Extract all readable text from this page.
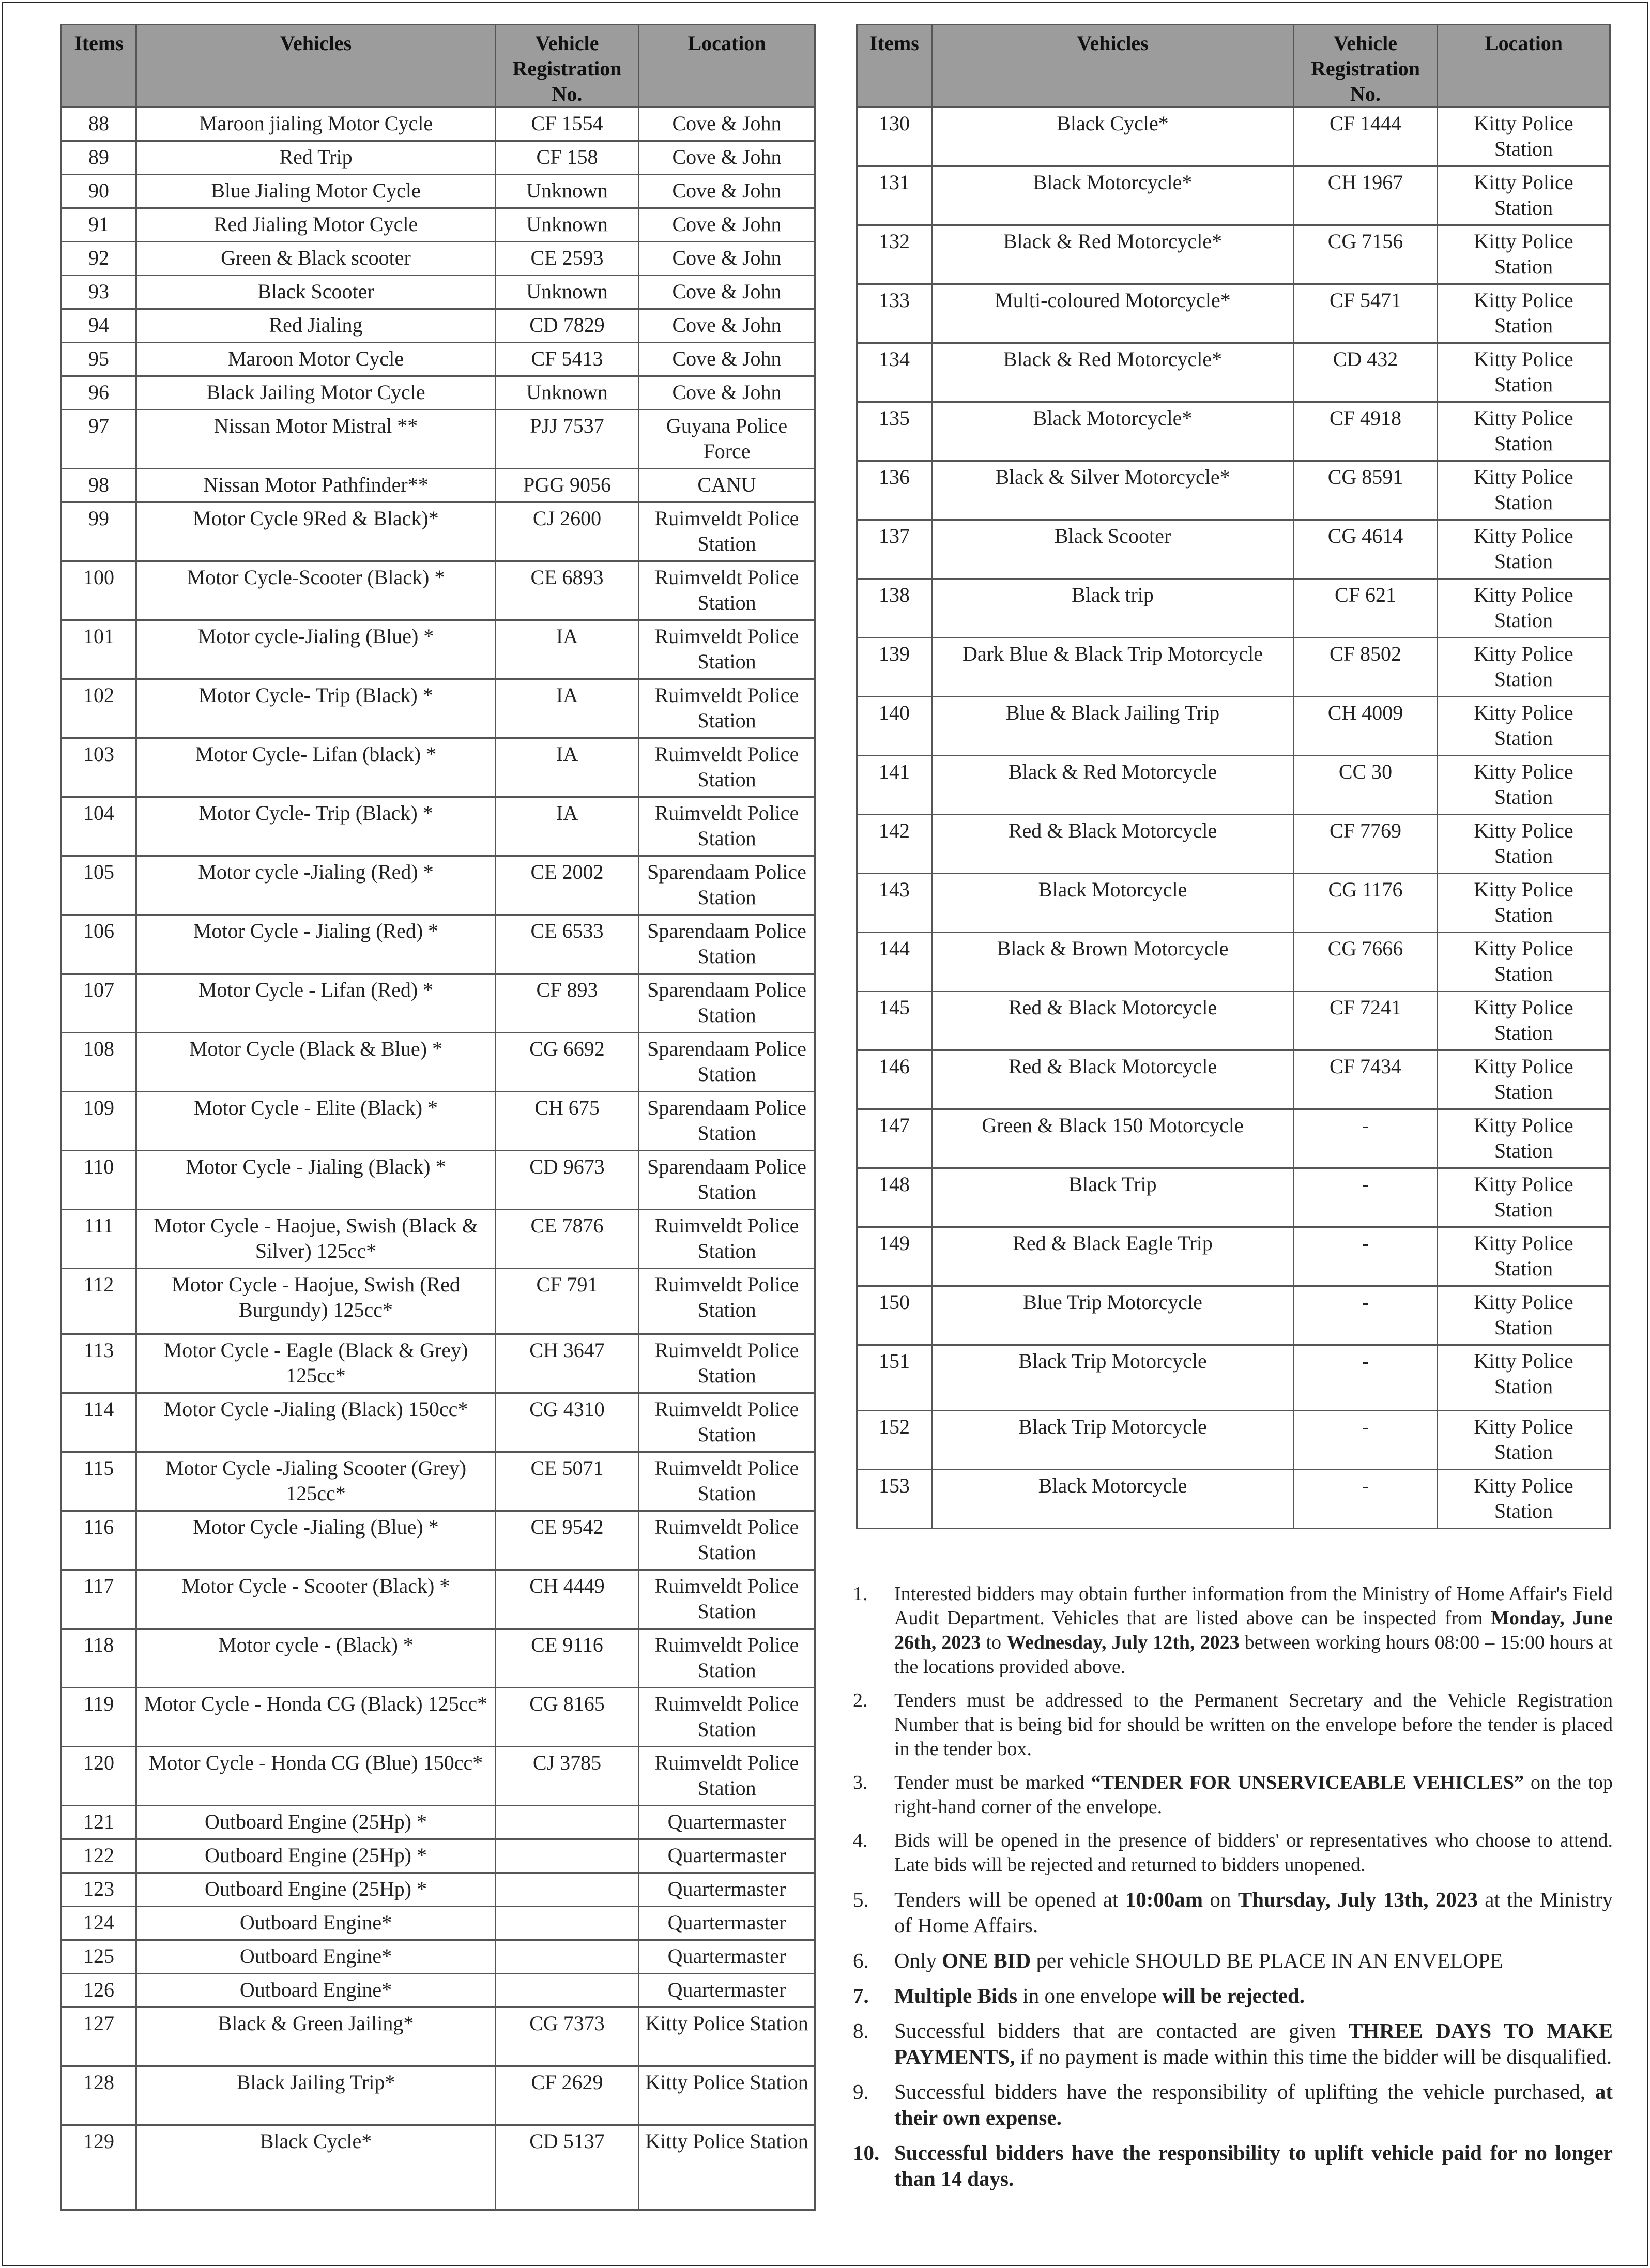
Items	Vehicles	Vehicle Registration No.	Location
88	Maroon jialing Motor Cycle	CF 1554	Cove & John
89	Red Trip	CF 158	Cove & John
90	Blue Jialing Motor Cycle	Unknown	Cove & John
91	Red Jialing Motor Cycle	Unknown	Cove & John
92	Green & Black scooter	CE 2593	Cove & John
93	Black Scooter	Unknown	Cove & John
94	Red Jialing	CD 7829	Cove & John
95	Maroon Motor Cycle	CF 5413	Cove & John
96	Black Jailing Motor Cycle	Unknown	Cove & John
97	Nissan Motor Mistral **	PJJ 7537	Guyana Police Force
98	Nissan Motor Pathfinder**	PGG 9056	CANU
99	Motor Cycle 9Red & Black)*	CJ 2600	Ruimveldt Police Station
100	Motor Cycle-Scooter (Black) *	CE 6893	Ruimveldt Police Station
101	Motor cycle-Jialing (Blue) *	IA	Ruimveldt Police Station
102	Motor Cycle- Trip (Black) *	IA	Ruimveldt Police Station
103	Motor Cycle- Lifan (black) *	IA	Ruimveldt Police Station
104	Motor Cycle- Trip (Black) *	IA	Ruimveldt Police Station
105	Motor cycle -Jialing (Red) *	CE 2002	Sparendaam Police Station
106	Motor Cycle - Jialing (Red) *	CE 6533	Sparendaam Police Station
107	Motor Cycle - Lifan (Red) *	CF 893	Sparendaam Police Station
108	Motor Cycle (Black & Blue) *	CG 6692	Sparendaam Police Station
109	Motor Cycle - Elite (Black) *	CH 675	Sparendaam Police Station
110	Motor Cycle - Jialing (Black) *	CD 9673	Sparendaam Police Station
111	Motor Cycle - Haojue, Swish (Black & Silver) 125cc*	CE 7876	Ruimveldt Police Station
112	Motor Cycle - Haojue, Swish (Red Burgundy) 125cc*	CF 791	Ruimveldt Police Station
113	Motor Cycle - Eagle (Black & Grey) 125cc*	CH 3647	Ruimveldt Police Station
114	Motor Cycle -Jialing (Black) 150cc*	CG 4310	Ruimveldt Police Station
115	Motor Cycle -Jialing Scooter (Grey) 125cc*	CE 5071	Ruimveldt Police Station
116	Motor Cycle -Jialing (Blue) *	CE 9542	Ruimveldt Police Station
117	Motor Cycle - Scooter (Black) *	CH 4449	Ruimveldt Police Station
118	Motor cycle - (Black) *	CE 9116	Ruimveldt Police Station
119	Motor Cycle - Honda CG (Black) 125cc*	CG 8165	Ruimveldt Police Station
120	Motor Cycle - Honda CG (Blue) 150cc*	CJ 3785	Ruimveldt Police Station
121	Outboard Engine (25Hp) *		Quartermaster
122	Outboard Engine (25Hp) *		Quartermaster
123	Outboard Engine (25Hp) *		Quartermaster
124	Outboard Engine*		Quartermaster
125	Outboard Engine*		Quartermaster
126	Outboard Engine*		Quartermaster
127	Black & Green Jailing*	CG 7373	Kitty Police Station
128	Black Jailing Trip*	CF 2629	Kitty Police Station
129	Black Cycle*	CD 5137	Kitty Police Station
Items	Vehicles	Vehicle Registration No.	Location
130	Black Cycle*	CF 1444	Kitty Police Station
131	Black Motorcycle*	CH 1967	Kitty Police Station
132	Black & Red Motorcycle*	CG 7156	Kitty Police Station
133	Multi-coloured Motorcycle*	CF 5471	Kitty Police Station
134	Black & Red Motorcycle*	CD 432	Kitty Police Station
135	Black Motorcycle*	CF 4918	Kitty Police Station
136	Black & Silver Motorcycle*	CG 8591	Kitty Police Station
137	Black Scooter	CG 4614	Kitty Police Station
138	Black trip	CF 621	Kitty Police Station
139	Dark Blue & Black Trip Motorcycle	CF 8502	Kitty Police Station
140	Blue & Black Jailing Trip	CH 4009	Kitty Police Station
141	Black & Red Motorcycle	CC 30	Kitty Police Station
142	Red & Black Motorcycle	CF 7769	Kitty Police Station
143	Black Motorcycle	CG 1176	Kitty Police Station
144	Black & Brown Motorcycle	CG 7666	Kitty Police Station
145	Red & Black Motorcycle	CF 7241	Kitty Police Station
146	Red & Black Motorcycle	CF 7434	Kitty Police Station
147	Green & Black 150 Motorcycle	-	Kitty Police Station
148	Black Trip	-	Kitty Police Station
149	Red & Black Eagle Trip	-	Kitty Police Station
150	Blue Trip Motorcycle	-	Kitty Police Station
151	Black Trip Motorcycle	-	Kitty Police Station
152	Black Trip Motorcycle	-	Kitty Police Station
153	Black Motorcycle	-	Kitty Police Station
1.	Interested bidders may obtain further information from the Ministry of Home Affair's Field Audit Department. Vehicles that are listed above can be inspected from Monday, June 26th, 2023 to Wednesday, July 12th, 2023 between working hours 08:00 – 15:00 hours at the locations provided above.
2.	Tenders must be addressed to the Permanent Secretary and the Vehicle Registration Number that is being bid for should be written on the envelope before the tender is placed in the tender box.
3.	Tender must be marked “TENDER FOR UNSERVICEABLE VEHICLES” on the top right-hand corner of the envelope.
4.	Bids will be opened in the presence of bidders' or representatives who choose to attend. Late bids will be rejected and returned to bidders unopened.
5.	Tenders will be opened at 10:00am on Thursday, July 13th, 2023 at the Ministry of Home Affairs.
6.	Only ONE BID per vehicle SHOULD BE PLACE IN AN ENVELOPE
7.	Multiple Bids in one envelope will be rejected.
8.	Successful bidders that are contacted are given THREE DAYS TO MAKE PAYMENTS, if no payment is made within this time the bidder will be disqualified.
9.	Successful bidders have the responsibility of uplifting the vehicle purchased, at their own expense.
10. Successful bidders have the responsibility to uplift vehicle paid for no longer than 14 days.
